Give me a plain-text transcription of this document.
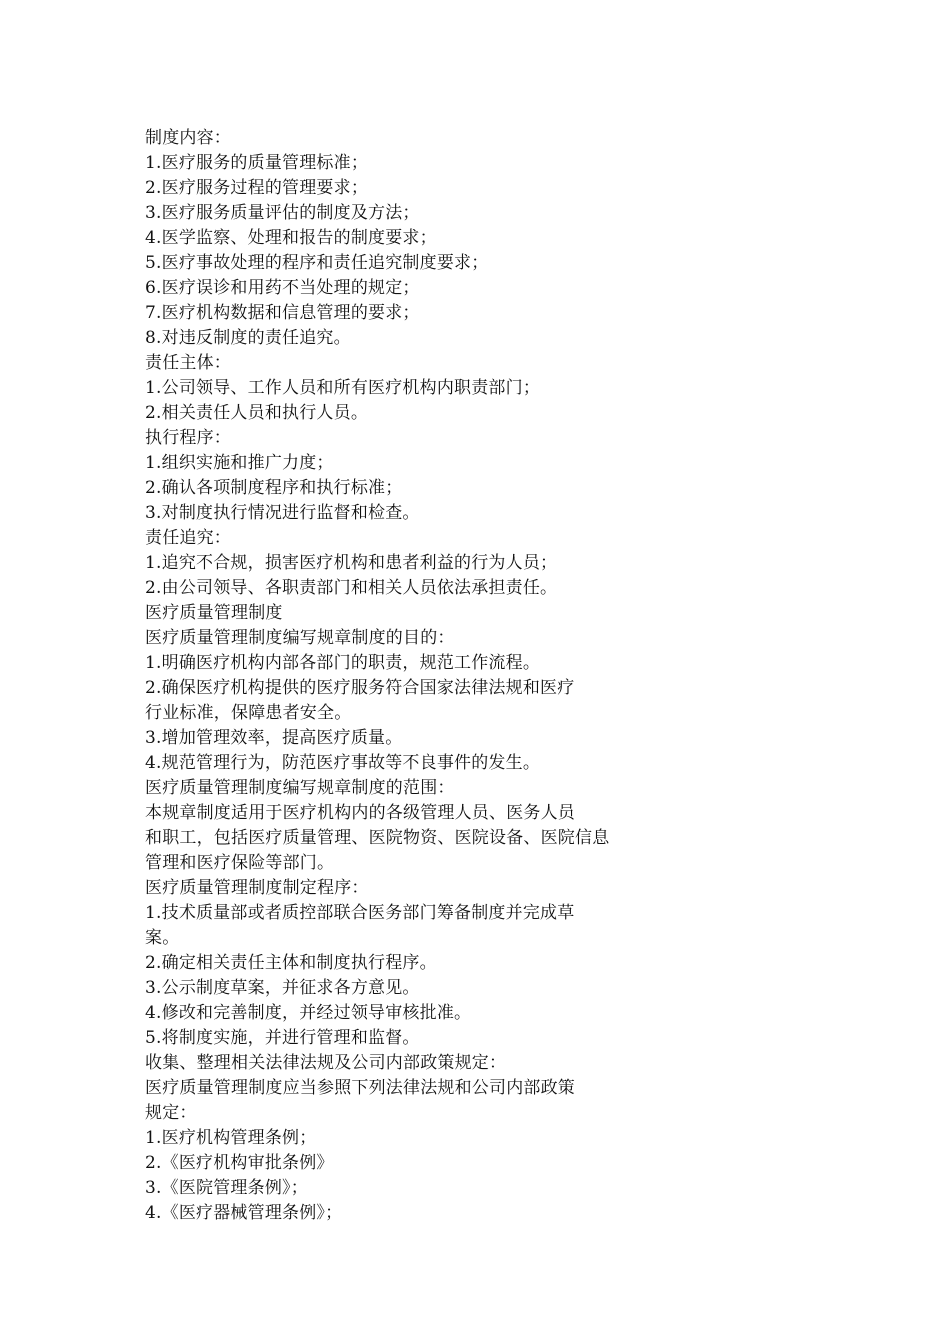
制度内容：
1.医疗服务的质量管理标准；
2.医疗服务过程的管理要求；
3.医疗服务质量评估的制度及方法；
4.医学监察、处理和报告的制度要求；
5.医疗事故处理的程序和责任追究制度要求；
6.医疗误诊和用药不当处理的规定；
7.医疗机构数据和信息管理的要求；
8.对违反制度的责任追究。
责任主体：
1.公司领导、工作人员和所有医疗机构内职责部门；
2.相关责任人员和执行人员。
执行程序：
1.组织实施和推广力度；
2.确认各项制度程序和执行标准；
3.对制度执行情况进行监督和检查。
责任追究：
1.追究不合规，损害医疗机构和患者利益的行为人员；
2.由公司领导、各职责部门和相关人员依法承担责任。
医疗质量管理制度
医疗质量管理制度编写规章制度的目的：
1.明确医疗机构内部各部门的职责，规范工作流程。
2.确保医疗机构提供的医疗服务符合国家法律法规和医疗
行业标准，保障患者安全。
3.增加管理效率，提高医疗质量。
4.规范管理行为，防范医疗事故等不良事件的发生。
医疗质量管理制度编写规章制度的范围：
本规章制度适用于医疗机构内的各级管理人员、医务人员
和职工，包括医疗质量管理、医院物资、医院设备、医院信息
管理和医疗保险等部门。
医疗质量管理制度制定程序：
1.技术质量部或者质控部联合医务部门筹备制度并完成草
案。
2.确定相关责任主体和制度执行程序。
3.公示制度草案，并征求各方意见。
4.修改和完善制度，并经过领导审核批准。
5.将制度实施，并进行管理和监督。
收集、整理相关法律法规及公司内部政策规定：
医疗质量管理制度应当参照下列法律法规和公司内部政策
规定：
1.医疗机构管理条例；
2.《医疗机构审批条例》
3.《医院管理条例》；
4.《医疗器械管理条例》；
